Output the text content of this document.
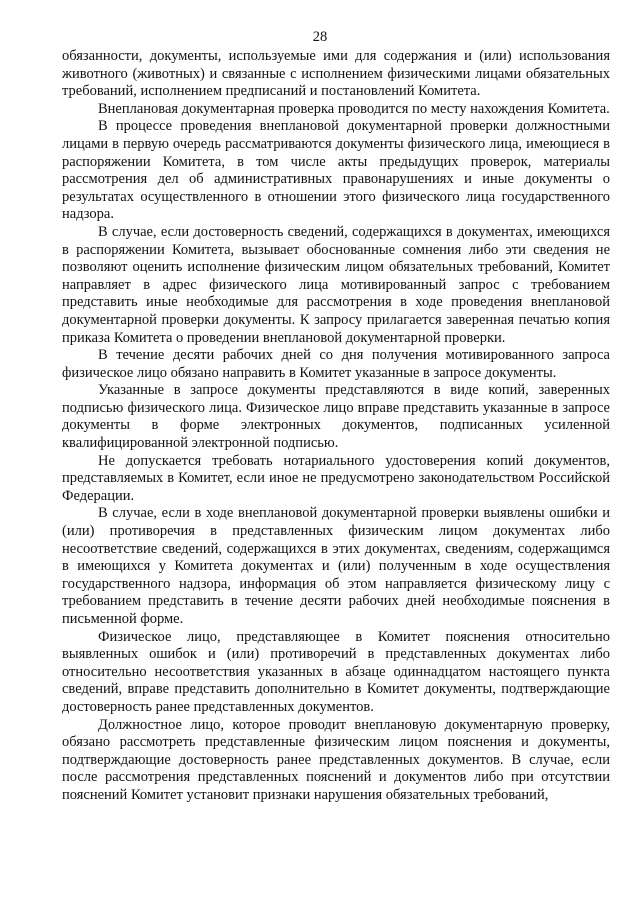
28

обязанности, документы, используемые ими для содержания и (или) использования животного (животных) и связанные с исполнением физическими лицами обязательных требований, исполнением предписаний и постановлений Комитета.

Внеплановая документарная проверка проводится по месту нахождения Комитета.

В процессе проведения внеплановой документарной проверки должностными лицами в первую очередь рассматриваются документы физического лица, имеющиеся в распоряжении Комитета, в том числе акты предыдущих проверок, материалы рассмотрения дел об административных правонарушениях и иные документы о результатах осуществленного в отношении этого физического лица государственного надзора.

В случае, если достоверность сведений, содержащихся в документах, имеющихся в распоряжении Комитета, вызывает обоснованные сомнения либо эти сведения не позволяют оценить исполнение физическим лицом обязательных требований, Комитет направляет в адрес физического лица мотивированный запрос с требованием представить иные необходимые для рассмотрения в ходе проведения внеплановой документарной проверки документы. К запросу прилагается заверенная печатью копия приказа Комитета о проведении внеплановой документарной проверки.

В течение десяти рабочих дней со дня получения мотивированного запроса физическое лицо обязано направить в Комитет указанные в запросе документы.

Указанные в запросе документы представляются в виде копий, заверенных подписью физического лица. Физическое лицо вправе представить указанные в запросе документы в форме электронных документов, подписанных усиленной квалифицированной электронной подписью.

Не допускается требовать нотариального удостоверения копий документов, представляемых в Комитет, если иное не предусмотрено законодательством Российской Федерации.

В случае, если в ходе внеплановой документарной проверки выявлены ошибки и (или) противоречия в представленных физическим лицом документах либо несоответствие сведений, содержащихся в этих документах, сведениям, содержащимся в имеющихся у Комитета документах и (или) полученным в ходе осуществления государственного надзора, информация об этом направляется физическому лицу с требованием представить в течение десяти рабочих дней необходимые пояснения в письменной форме.

Физическое лицо, представляющее в Комитет пояснения относительно выявленных ошибок и (или) противоречий в представленных документах либо относительно несоответствия указанных в абзаце одиннадцатом настоящего пункта сведений, вправе представить дополнительно в Комитет документы, подтверждающие достоверность ранее представленных документов.

Должностное лицо, которое проводит внеплановую документарную проверку, обязано рассмотреть представленные физическим лицом пояснения и документы, подтверждающие достоверность ранее представленных документов. В случае, если после рассмотрения представленных пояснений и документов либо при отсутствии пояснений Комитет установит признаки нарушения обязательных требований,
